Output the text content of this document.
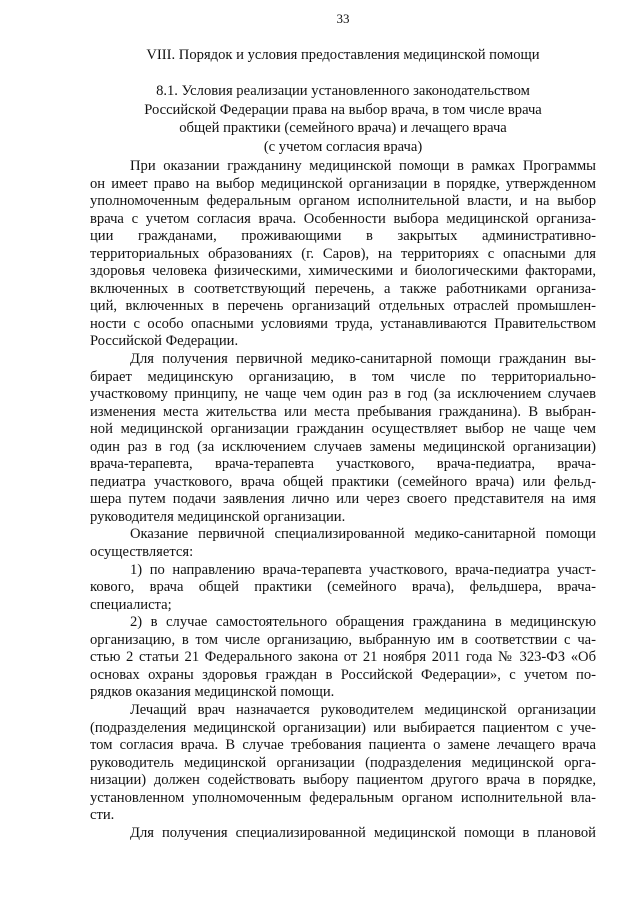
33
VIII. Порядок и условия предоставления медицинской помощи
8.1. Условия реализации установленного законодательством
Российской Федерации права на выбор врача, в том числе врача
общей практики (семейного врача) и лечащего врача
(с учетом согласия врача)
При оказании гражданину медицинской помощи в рамках Программы
он имеет право на выбор медицинской организации в порядке, утвержденном
уполномоченным федеральным органом исполнительной власти, и на выбор
врача с учетом согласия врача. Особенности выбора медицинской организа-
ции гражданами, проживающими в закрытых административно-
территориальных образованиях (г. Саров), на территориях с опасными для
здоровья человека физическими, химическими и биологическими факторами,
включенных в соответствующий перечень, а также работниками организа-
ций, включенных в перечень организаций отдельных отраслей промышлен-
ности с особо опасными условиями труда, устанавливаются Правительством
Российской Федерации.
Для получения первичной медико-санитарной помощи гражданин вы-
бирает медицинскую организацию, в том числе по территориально-
участковому принципу, не чаще чем один раз в год (за исключением случаев
изменения места жительства или места пребывания гражданина). В выбран-
ной медицинской организации гражданин осуществляет выбор не чаще чем
один раз в год (за исключением случаев замены медицинской организации)
врача-терапевта, врача-терапевта участкового, врача-педиатра, врача-
педиатра участкового, врача общей практики (семейного врача) или фельд-
шера путем подачи заявления лично или через своего представителя на имя
руководителя медицинской организации.
Оказание первичной специализированной медико-санитарной помощи
осуществляется:
1) по направлению врача-терапевта участкового, врача-педиатра участ-
кового, врача общей практики (семейного врача), фельдшера, врача-
специалиста;
2) в случае самостоятельного обращения гражданина в медицинскую
организацию, в том числе организацию, выбранную им в соответствии с ча-
стью 2 статьи 21 Федерального закона от 21 ноября 2011 года № 323-ФЗ «Об
основах охраны здоровья граждан в Российской Федерации», с учетом по-
рядков оказания медицинской помощи.
Лечащий врач назначается руководителем медицинской организации
(подразделения медицинской организации) или выбирается пациентом с уче-
том согласия врача. В случае требования пациента о замене лечащего врача
руководитель медицинской организации (подразделения медицинской орга-
низации) должен содействовать выбору пациентом другого врача в порядке,
установленном уполномоченным федеральным органом исполнительной вла-
сти.
Для получения специализированной медицинской помощи в плановой
